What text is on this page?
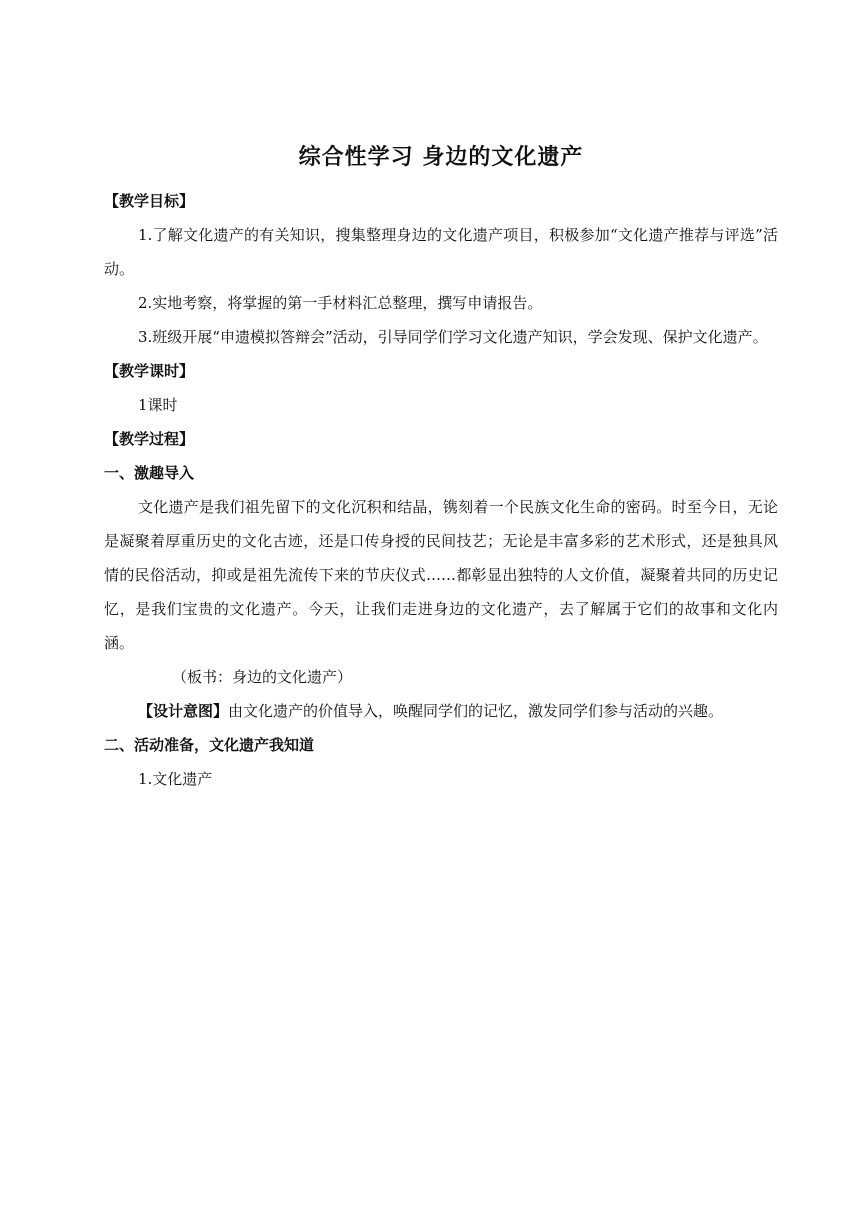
综合性学习 身边的文化遗产

【教学目标】

1.了解文化遗产的有关知识，搜集整理身边的文化遗产项目，积极参加“文化遗产推荐与评选”活动。

2.实地考察，将掌握的第一手材料汇总整理，撰写申请报告。

3.班级开展“申遗模拟答辩会”活动，引导同学们学习文化遗产知识，学会发现、保护文化遗产。

【教学课时】

1课时

【教学过程】

一、激趣导入

文化遗产是我们祖先留下的文化沉积和结晶，镌刻着一个民族文化生命的密码。时至今日，无论是凝聚着厚重历史的文化古迹，还是口传身授的民间技艺；无论是丰富多彩的艺术形式，还是独具风情的民俗活动，抑或是祖先流传下来的节庆仪式……都彰显出独特的人文价值，凝聚着共同的历史记忆，是我们宝贵的文化遗产。今天，让我们走进身边的文化遗产，去了解属于它们的故事和文化内涵。

（板书：身边的文化遗产）

【设计意图】由文化遗产的价值导入，唤醒同学们的记忆，激发同学们参与活动的兴趣。

二、活动准备，文化遗产我知道

1.文化遗产
